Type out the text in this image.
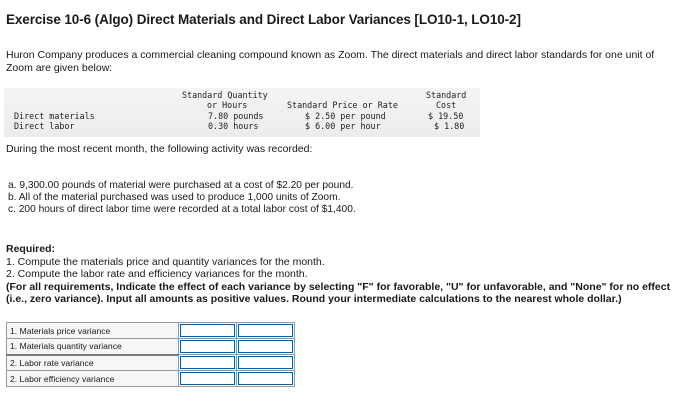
Exercise 10-6 (Algo) Direct Materials and Direct Labor Variances [LO10-1, LO10-2]
Huron Company produces a commercial cleaning compound known as Zoom. The direct materials and direct labor standards for one unit of Zoom are given below:
Standard Quantity
or Hours	Standard Price or Rate
Standard
Cost
Direct materials	7.80 pounds	$ 2.50 per pound	$ 19.50
Direct labor	0.30 hours	$ 6.00 per hour	$ 1.80
During the most recent month, the following activity was recorded:
a. 9,300.00 pounds of material were purchased at a cost of $2.20 per pound.
b. All of the material purchased was used to produce 1,000 units of Zoom.
c. 200 hours of direct labor time were recorded at a total labor cost of $1,400.
Required:
1. Compute the materials price and quantity variances for the month.
2. Compute the labor rate and efficiency variances for the month.
(For all requirements, Indicate the effect of each variance by selecting "F" for favorable, "U" for unfavorable, and "None" for no effect (i.e., zero variance). Input all amounts as positive values. Round your intermediate calculations to the nearest whole dollar.)
1. Materials price variance	

1. Materials quantity variance	

2. Labor rate variance	

2. Labor efficiency variance	
